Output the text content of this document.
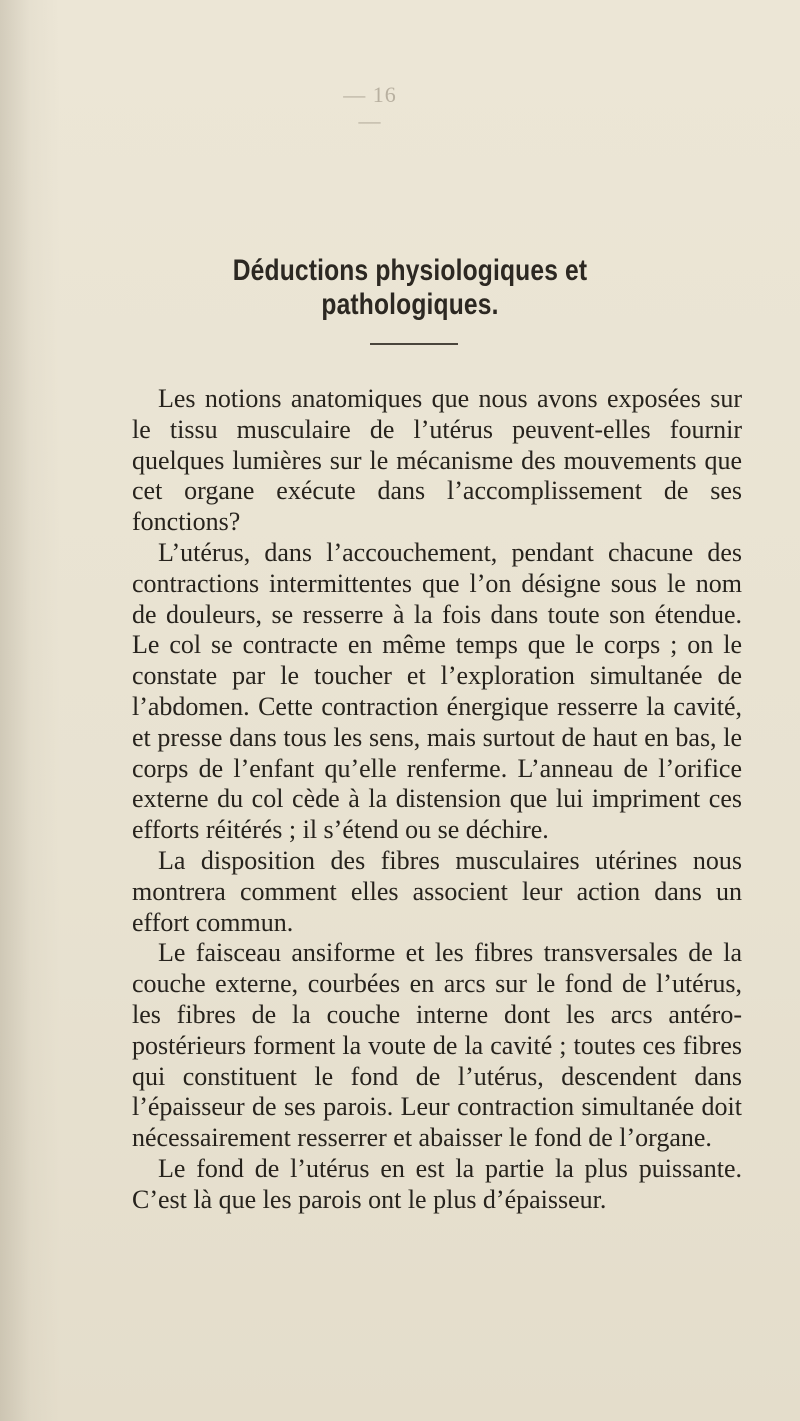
— 16 —
Déductions physiologiques et pathologiques.

Les notions anatomiques que nous avons exposées sur le tissu musculaire de l’utérus peuvent-elles fournir quelques lumières sur le mécanisme des mouvements que cet organe exécute dans l’accomplissement de ses fonctions?

L’utérus, dans l’accouchement, pendant chacune des contractions intermittentes que l’on désigne sous le nom de douleurs, se resserre à la fois dans toute son étendue. Le col se contracte en même temps que le corps ; on le constate par le toucher et l’exploration simultanée de l’abdomen. Cette contraction énergique resserre la cavité, et presse dans tous les sens, mais surtout de haut en bas, le corps de l’enfant qu’elle renferme. L’anneau de l’orifice externe du col cède à la distension que lui impriment ces efforts réitérés ; il s’étend ou se déchire.

La disposition des fibres musculaires utérines nous montrera comment elles associent leur action dans un effort commun.

Le faisceau ansiforme et les fibres transversales de la couche externe, courbées en arcs sur le fond de l’utérus, les fibres de la couche interne dont les arcs antéro-postérieurs forment la voute de la cavité ; toutes ces fibres qui constituent le fond de l’utérus, descendent dans l’épaisseur de ses parois. Leur contraction simultanée doit nécessairement resserrer et abaisser le fond de l’organe.

Le fond de l’utérus en est la partie la plus puissante. C’est là que les parois ont le plus d’épaisseur.
